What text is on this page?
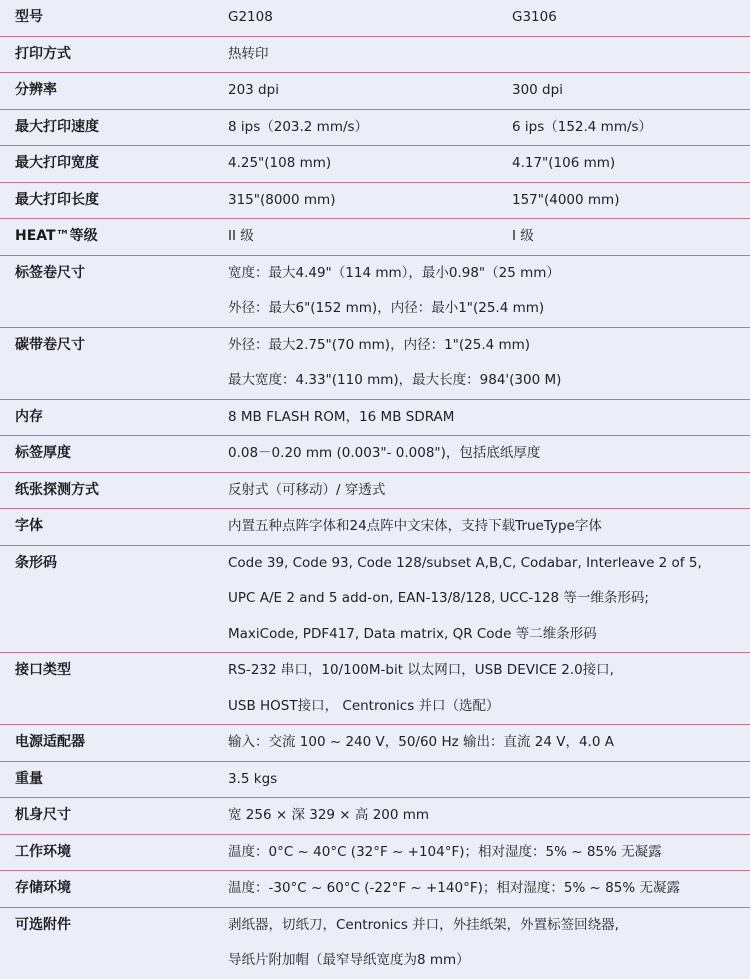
型号	G2108	G3106
打印方式	热转印
分辨率	203 dpi	300 dpi
最大打印速度	8 ips（203.2 mm/s）	6 ips（152.4 mm/s）
最大打印宽度	4.25"(108 mm)	4.17"(106 mm)
最大打印长度	315"(8000 mm)	157"(4000 mm)
HEAT™等级	II 级	I 级
标签卷尺寸	宽度：最大4.49"（114 mm），最小0.98"（25 mm）
外径：最大6"(152 mm)，内径：最小1"(25.4 mm)
碳带卷尺寸	外径：最大2.75"(70 mm)，内径：1"(25.4 mm)
最大宽度：4.33"(110 mm)，最大长度：984'(300 M)
内存	8 MB FLASH ROM，16 MB SDRAM
标签厚度	0.08－0.20 mm (0.003"- 0.008")，包括底纸厚度
纸张探测方式	反射式（可移动）/ 穿透式
字体	内置五种点阵字体和24点阵中文宋体，支持下载TrueType字体
条形码	Code 39, Code 93, Code 128/subset A,B,C, Codabar, Interleave 2 of 5,
UPC A/E 2 and 5 add-on, EAN-13/8/128, UCC-128 等一维条形码;
MaxiCode, PDF417, Data matrix, QR Code 等二维条形码
接口类型	RS-232 串口，10/100M-bit 以太网口，USB DEVICE 2.0接口,
USB HOST接口， Centronics 并口（选配）
电源适配器	输入：交流 100 ~ 240 V，50/60 Hz 输出：直流 24 V，4.0 A
重量	3.5 kgs
机身尺寸	宽 256 × 深 329 × 高 200 mm
工作环境	温度：0°C ~ 40°C (32°F ~ +104°F)；相对湿度：5% ~ 85% 无凝露
存储环境	温度：-30°C ~ 60°C (-22°F ~ +140°F)；相对湿度：5% ~ 85% 无凝露
可选附件	剥纸器，切纸刀，Centronics 并口，外挂纸架，外置标签回绕器,
导纸片附加帽（最窄导纸宽度为8 mm）
